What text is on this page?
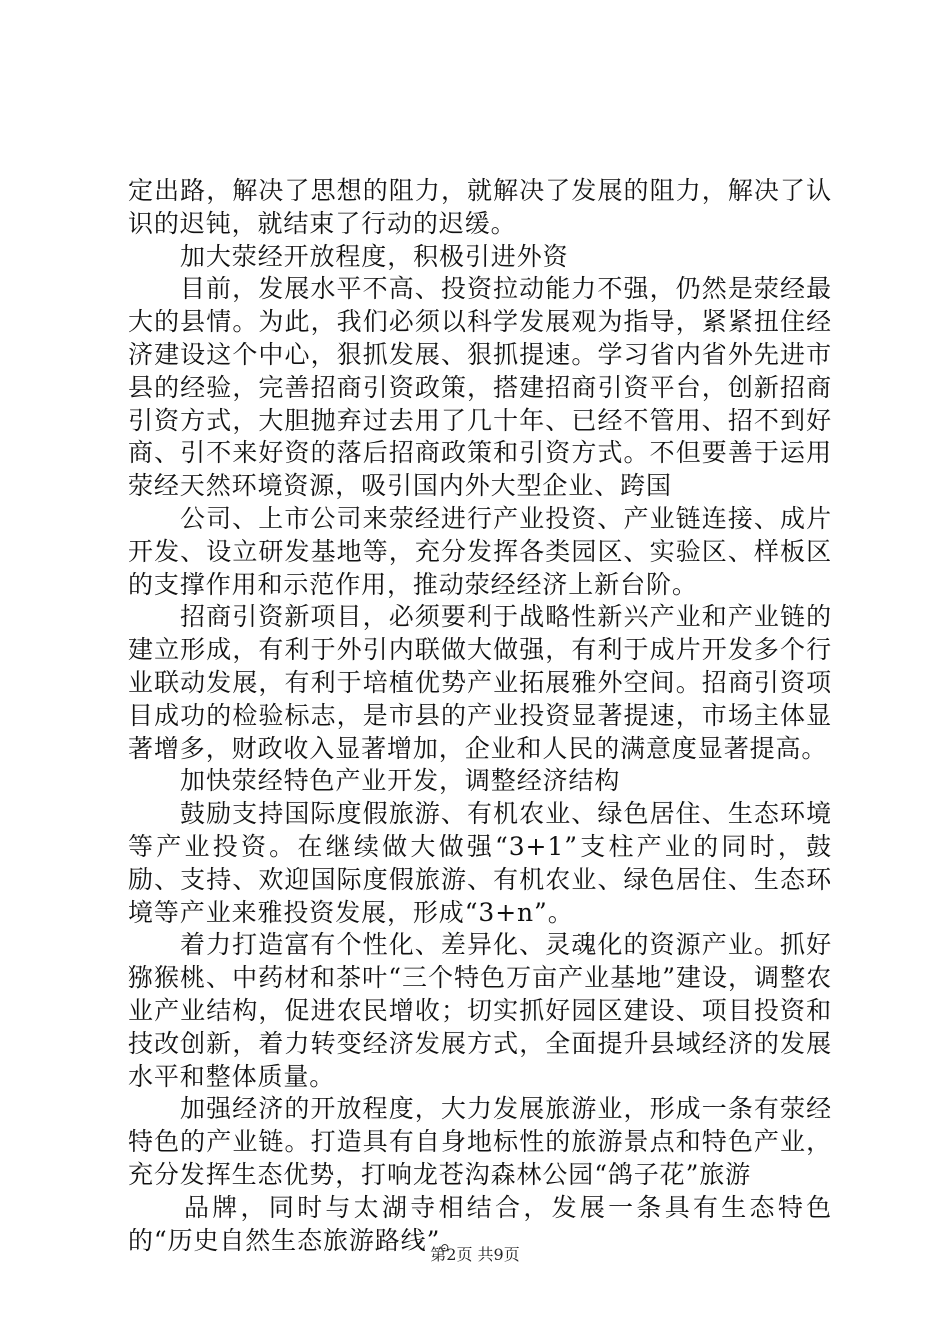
定出路，解决了思想的阻力，就解决了发展的阻力，解决了认识的迟钝，就结束了行动的迟缓。

加大荥经开放程度，积极引进外资

目前，发展水平不高、投资拉动能力不强，仍然是荥经最大的县情。为此，我们必须以科学发展观为指导，紧紧扭住经济建设这个中心，狠抓发展、狠抓提速。学习省内省外先进市县的经验，完善招商引资政策，搭建招商引资平台，创新招商引资方式，大胆抛弃过去用了几十年、已经不管用、招不到好商、引不来好资的落后招商政策和引资方式。不但要善于运用荥经天然环境资源，吸引国内外大型企业、跨国

公司、上市公司来荥经进行产业投资、产业链连接、成片开发、设立研发基地等，充分发挥各类园区、实验区、样板区的支撑作用和示范作用，推动荥经经济上新台阶。

招商引资新项目，必须要利于战略性新兴产业和产业链的建立形成，有利于外引内联做大做强，有利于成片开发多个行业联动发展，有利于培植优势产业拓展雅外空间。招商引资项目成功的检验标志，是市县的产业投资显著提速，市场主体显著增多，财政收入显著增加，企业和人民的满意度显著提高。

加快荥经特色产业开发，调整经济结构

鼓励支持国际度假旅游、有机农业、绿色居住、生态环境等产业投资。在继续做大做强“3+1”支柱产业的同时，鼓励、支持、欢迎国际度假旅游、有机农业、绿色居住、生态环境等产业来雅投资发展，形成“3+n”。

着力打造富有个性化、差异化、灵魂化的资源产业。抓好猕猴桃、中药材和茶叶“三个特色万亩产业基地”建设，调整农业产业结构，促进农民增收；切实抓好园区建设、项目投资和技改创新，着力转变经济发展方式，全面提升县域经济的发展水平和整体质量。

加强经济的开放程度，大力发展旅游业，形成一条有荥经特色的产业链。打造具有自身地标性的旅游景点和特色产业，充分发挥生态优势，打响龙苍沟森林公园“鸽子花”旅游

品牌，同时与太湖寺相结合，发展一条具有生态特色的“历史自然生态旅游路线”。

第2页 共9页
